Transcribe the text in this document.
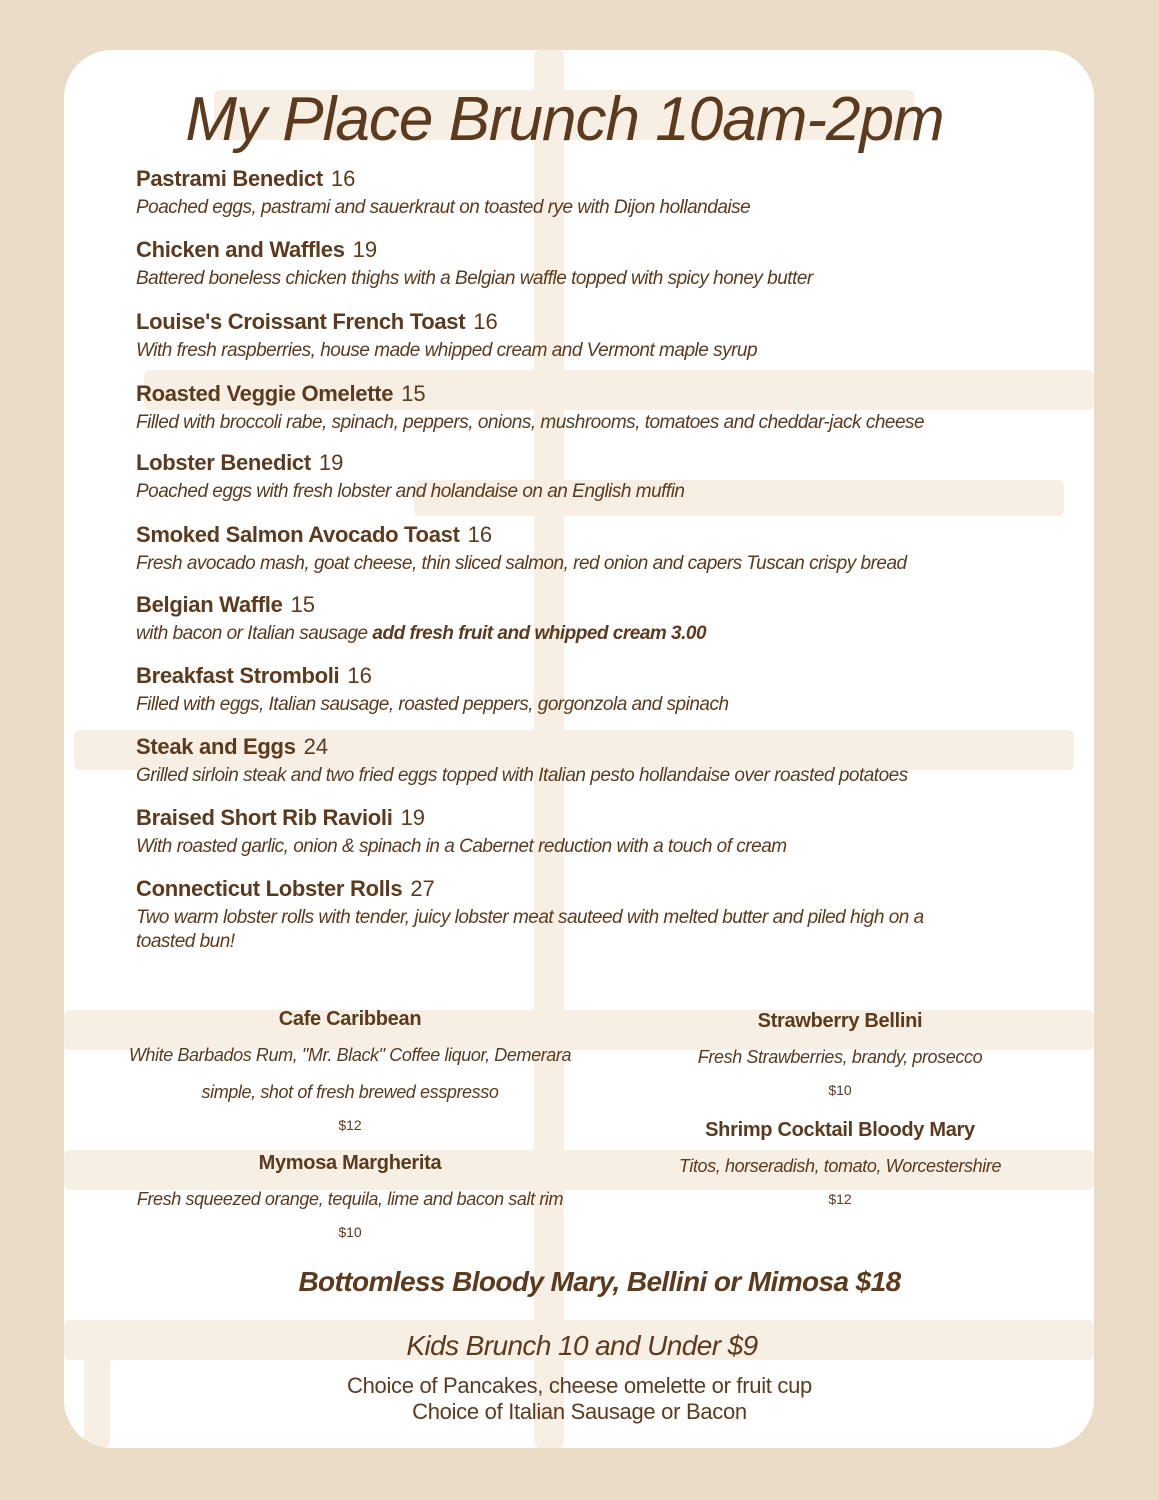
My Place Brunch 10am-2pm
Pastrami Benedict 16
Poached eggs, pastrami and sauerkraut on toasted rye with Dijon hollandaise
Chicken and Waffles 19
Battered boneless chicken thighs with a Belgian waffle topped with spicy honey butter
Louise's Croissant French Toast 16
With fresh raspberries, house made whipped cream and Vermont maple syrup
Roasted Veggie Omelette 15
Filled with broccoli rabe, spinach, peppers, onions, mushrooms, tomatoes and cheddar-jack cheese
Lobster Benedict 19
Poached eggs with fresh lobster and holandaise on an English muffin
Smoked Salmon Avocado Toast 16
Fresh avocado mash, goat cheese, thin sliced salmon, red onion and capers Tuscan crispy bread
Belgian Waffle 15
with bacon or Italian sausage add fresh fruit and whipped cream 3.00
Breakfast Stromboli 16
Filled with eggs, Italian sausage, roasted peppers, gorgonzola and spinach
Steak and Eggs 24
Grilled sirloin steak and two fried eggs topped with Italian pesto hollandaise over roasted potatoes
Braised Short Rib Ravioli 19
With roasted garlic, onion & spinach in a Cabernet reduction with a touch of cream
Connecticut Lobster Rolls 27
Two warm lobster rolls with tender, juicy lobster meat sauteed with melted butter and piled high on a toasted bun!
Cafe Caribbean
White Barbados Rum, "Mr. Black" Coffee liquor, Demerara simple, shot of fresh brewed esspresso
$12
Mymosa Margherita
Fresh squeezed orange, tequila, lime and bacon salt rim
$10
Strawberry Bellini
Fresh Strawberries, brandy, prosecco
$10
Shrimp Cocktail Bloody Mary
Titos, horseradish, tomato, Worcestershire
$12
Bottomless Bloody Mary, Bellini or Mimosa $18
Kids Brunch 10 and Under $9
Choice of Pancakes, cheese omelette or fruit cup
Choice of Italian Sausage or Bacon
